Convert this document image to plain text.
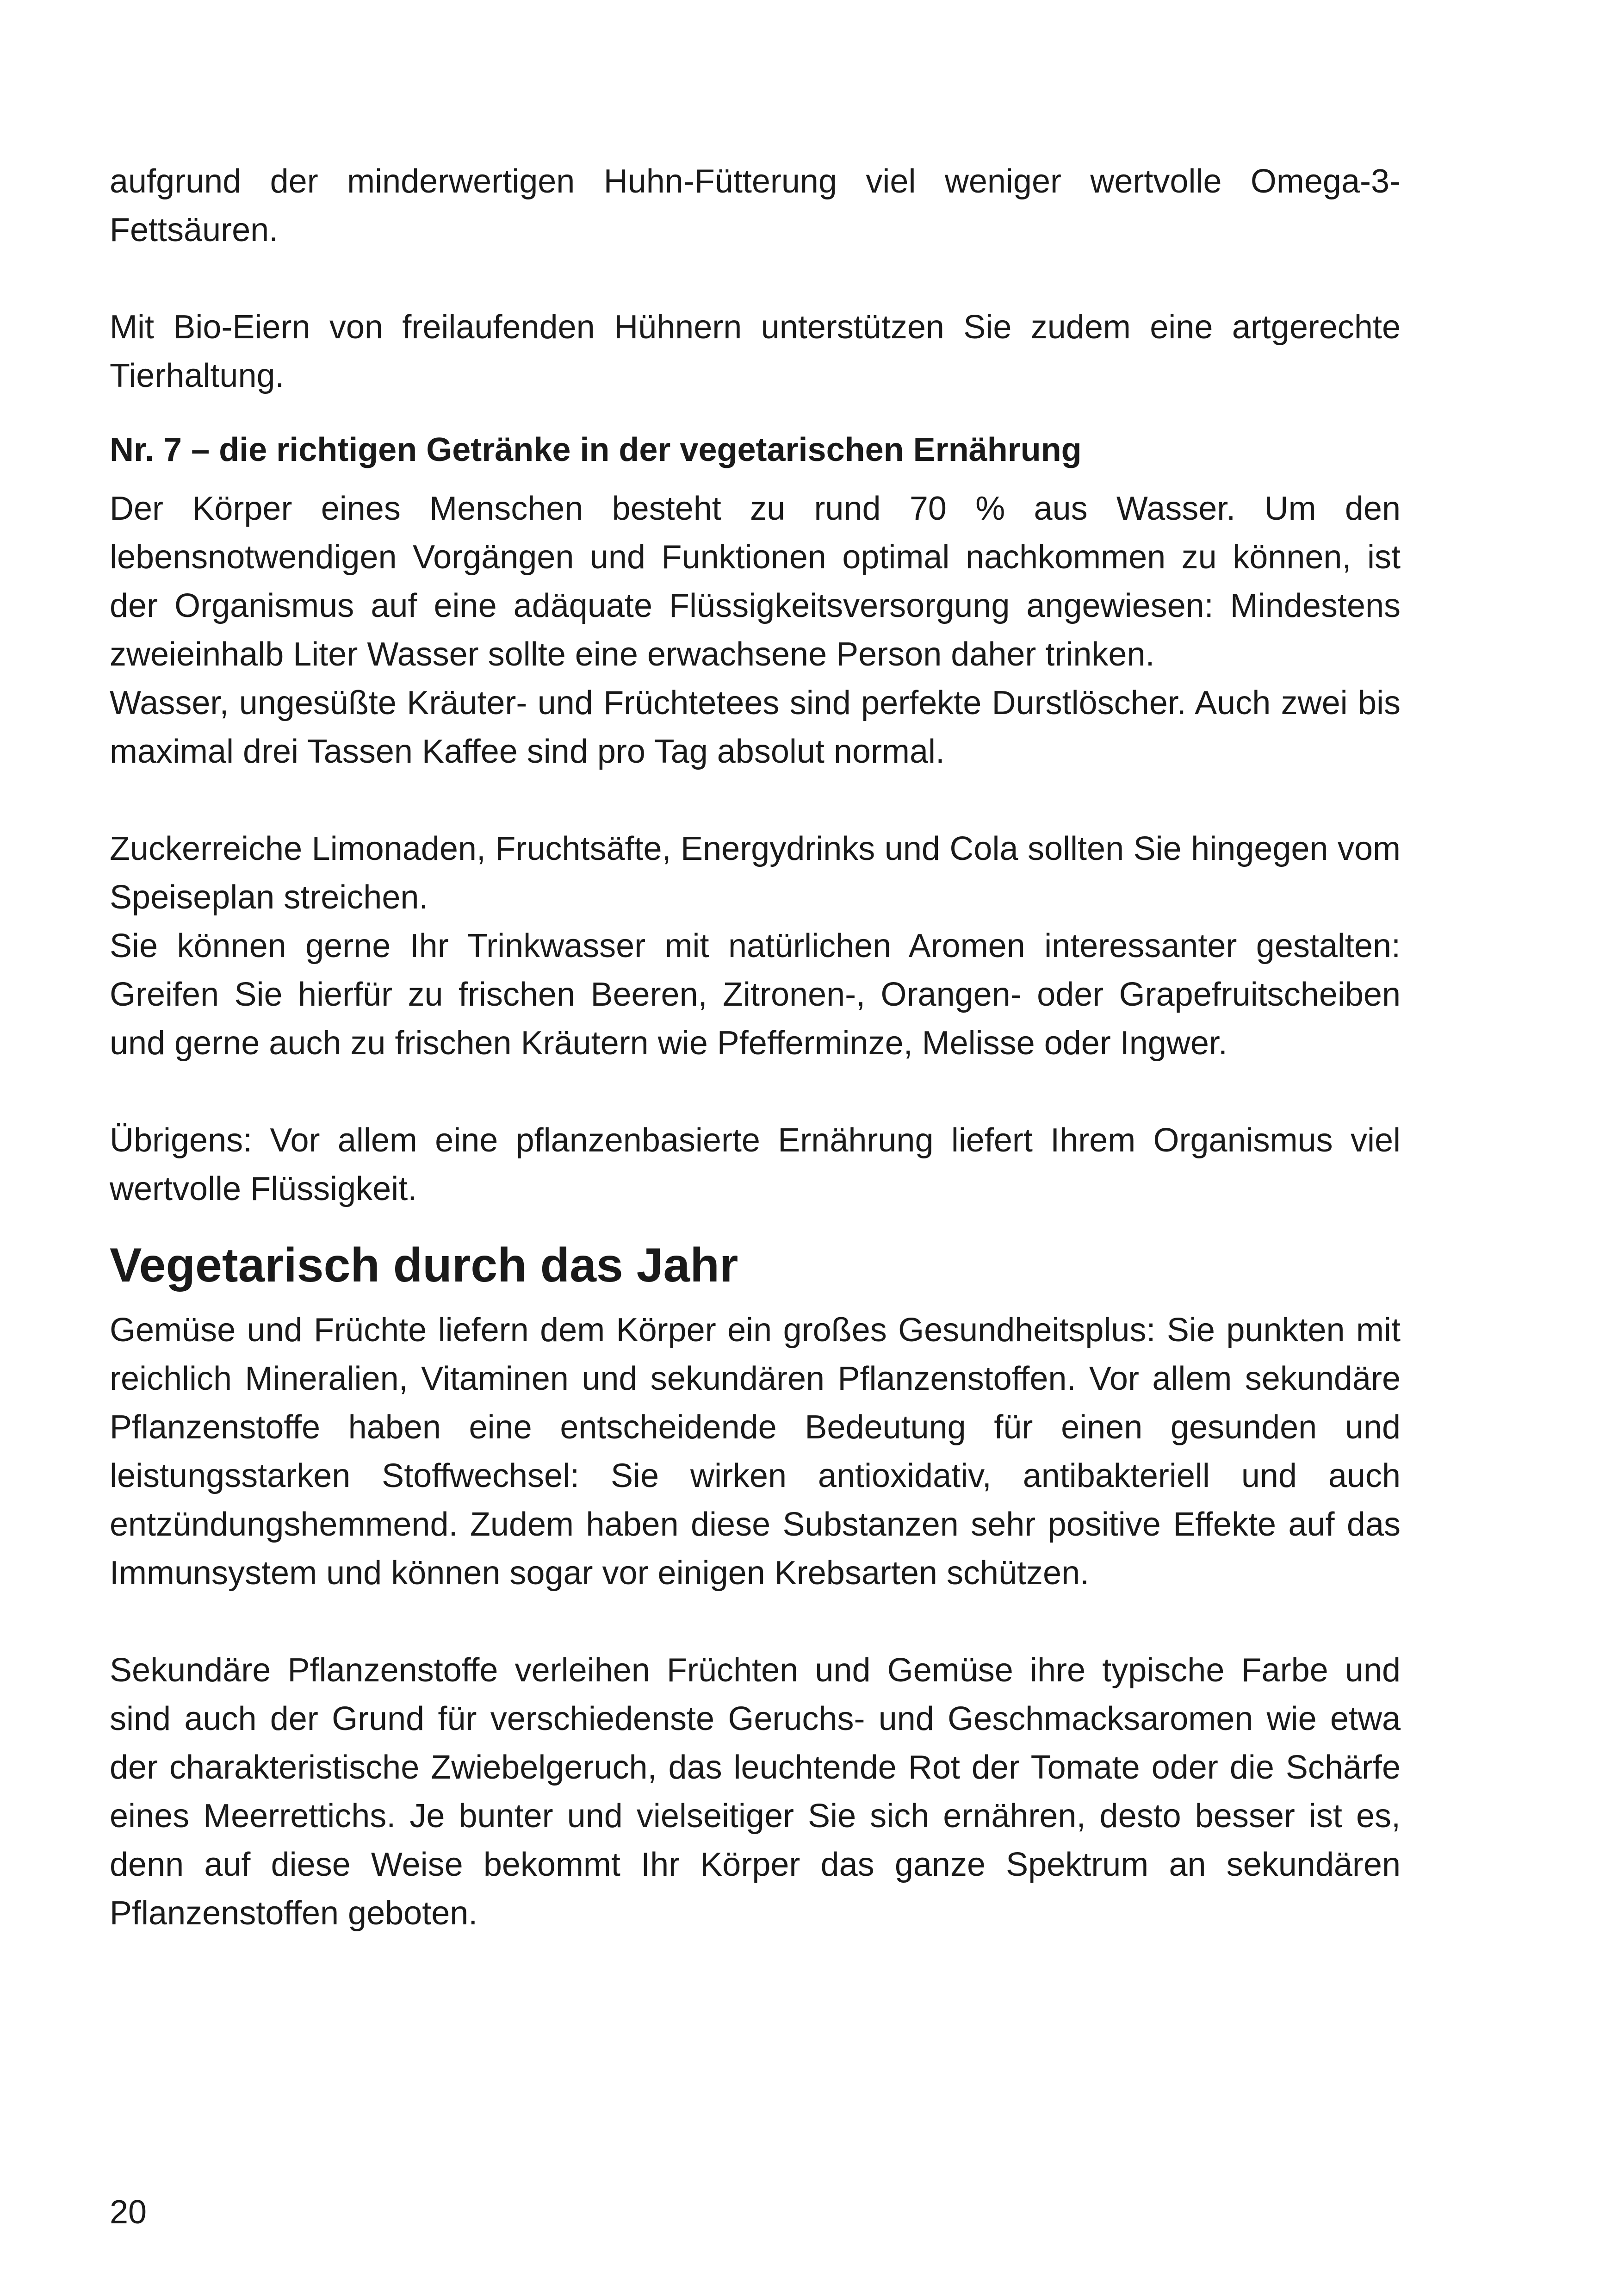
aufgrund der minderwertigen Huhn-Fütterung viel weniger wertvolle Omega-3-Fettsäuren.

Mit Bio-Eiern von freilaufenden Hühnern unterstützen Sie zudem eine artgerechte Tierhaltung.

Nr. 7 – die richtigen Getränke in der vegetarischen Ernährung

Der Körper eines Menschen besteht zu rund 70 % aus Wasser. Um den lebensnotwendigen Vorgängen und Funktionen optimal nachkommen zu können, ist der Organismus auf eine adäquate Flüssigkeitsversorgung angewiesen: Mindestens zweieinhalb Liter Wasser sollte eine erwachsene Person daher trinken.

Wasser, ungesüßte Kräuter- und Früchtetees sind perfekte Durstlöscher. Auch zwei bis maximal drei Tassen Kaffee sind pro Tag absolut normal.

Zuckerreiche Limonaden, Fruchtsäfte, Energydrinks und Cola sollten Sie hingegen vom Speiseplan streichen.

Sie können gerne Ihr Trinkwasser mit natürlichen Aromen interessanter gestalten: Greifen Sie hierfür zu frischen Beeren, Zitronen-, Orangen- oder Grapefruitscheiben und gerne auch zu frischen Kräutern wie Pfefferminze, Melisse oder Ingwer.

Übrigens: Vor allem eine pflanzenbasierte Ernährung liefert Ihrem Organismus viel wertvolle Flüssigkeit.

Vegetarisch durch das Jahr

Gemüse und Früchte liefern dem Körper ein großes Gesundheitsplus: Sie punkten mit reichlich Mineralien, Vitaminen und sekundären Pflanzenstoffen. Vor allem sekundäre Pflanzenstoffe haben eine entscheidende Bedeutung für einen gesunden und leistungsstarken Stoffwechsel: Sie wirken antioxidativ, antibakteriell und auch entzündungshemmend. Zudem haben diese Substanzen sehr positive Effekte auf das Immunsystem und können sogar vor einigen Krebsarten schützen.

Sekundäre Pflanzenstoffe verleihen Früchten und Gemüse ihre typische Farbe und sind auch der Grund für verschiedenste Geruchs- und Geschmacksaromen wie etwa der charakteristische Zwiebelgeruch, das leuchtende Rot der Tomate oder die Schärfe eines Meerrettichs. Je bunter und vielseitiger Sie sich ernähren, desto besser ist es, denn auf diese Weise bekommt Ihr Körper das ganze Spektrum an sekundären Pflanzenstoffen geboten.

20
